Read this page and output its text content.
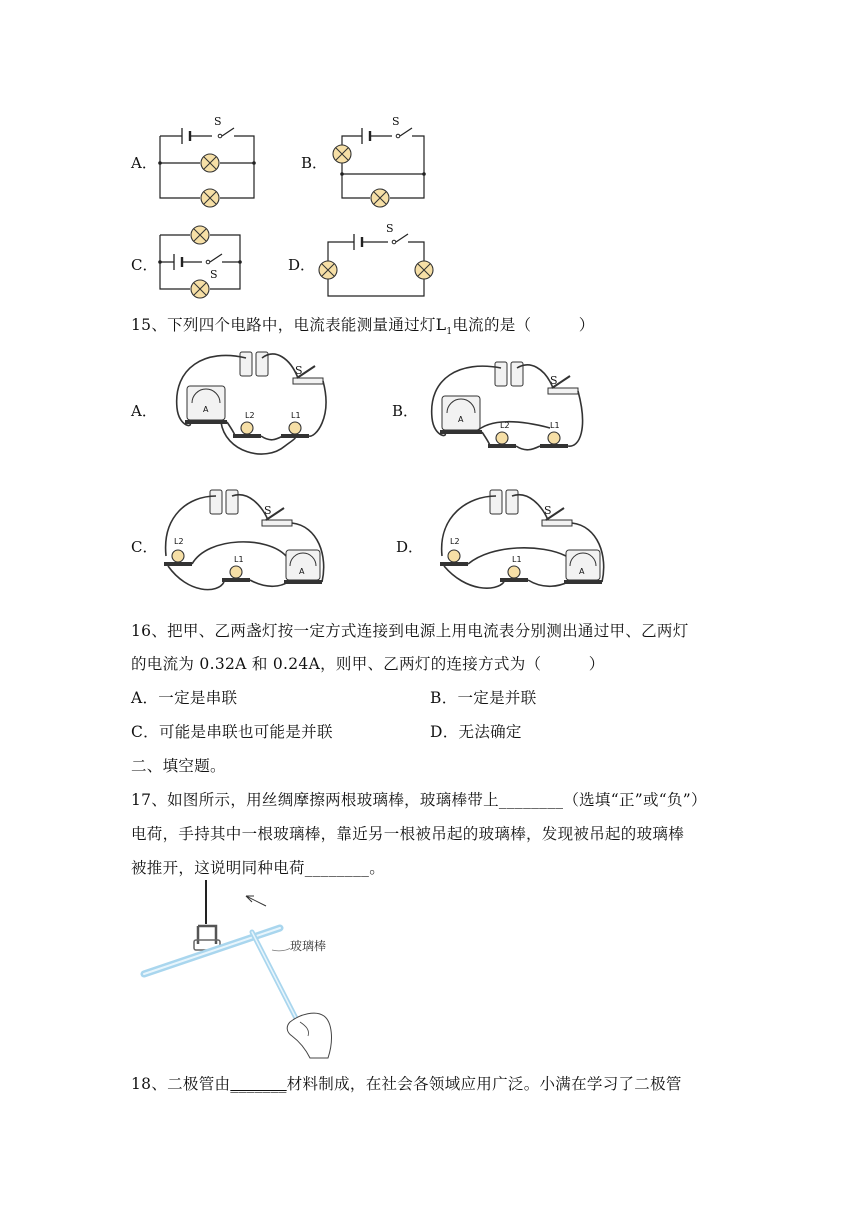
A．
S
B．
S
C．
S
D．
S
15、下列四个电路中，电流表能测量通过灯$L_1$电流的是（　　　）
A．
S
A
L2	L1	B．
S
A
L2	L1
C．
S
L2
L1
A
D．
S
L2
L1
A
16、把甲、乙两盏灯按一定方式连接到电源上用电流表分别测出通过甲、乙两灯
的电流为 0.32A 和 0.24A，则甲、乙两灯的连接方式为（　　　）
A．一定是串联	B．一定是并联
C．可能是串联也可能是并联	D．无法确定
二、填空题。
17、如图所示，用丝绸摩擦两根玻璃棒，玻璃棒带上________（选填“正”或“负”）
电荷，手持其中一根玻璃棒，靠近另一根被吊起的玻璃棒，发现被吊起的玻璃棒
被推开，这说明同种电荷________。
玻璃棒
18、二极管由_______材料制成，在社会各领域应用广泛。小满在学习了二极管
